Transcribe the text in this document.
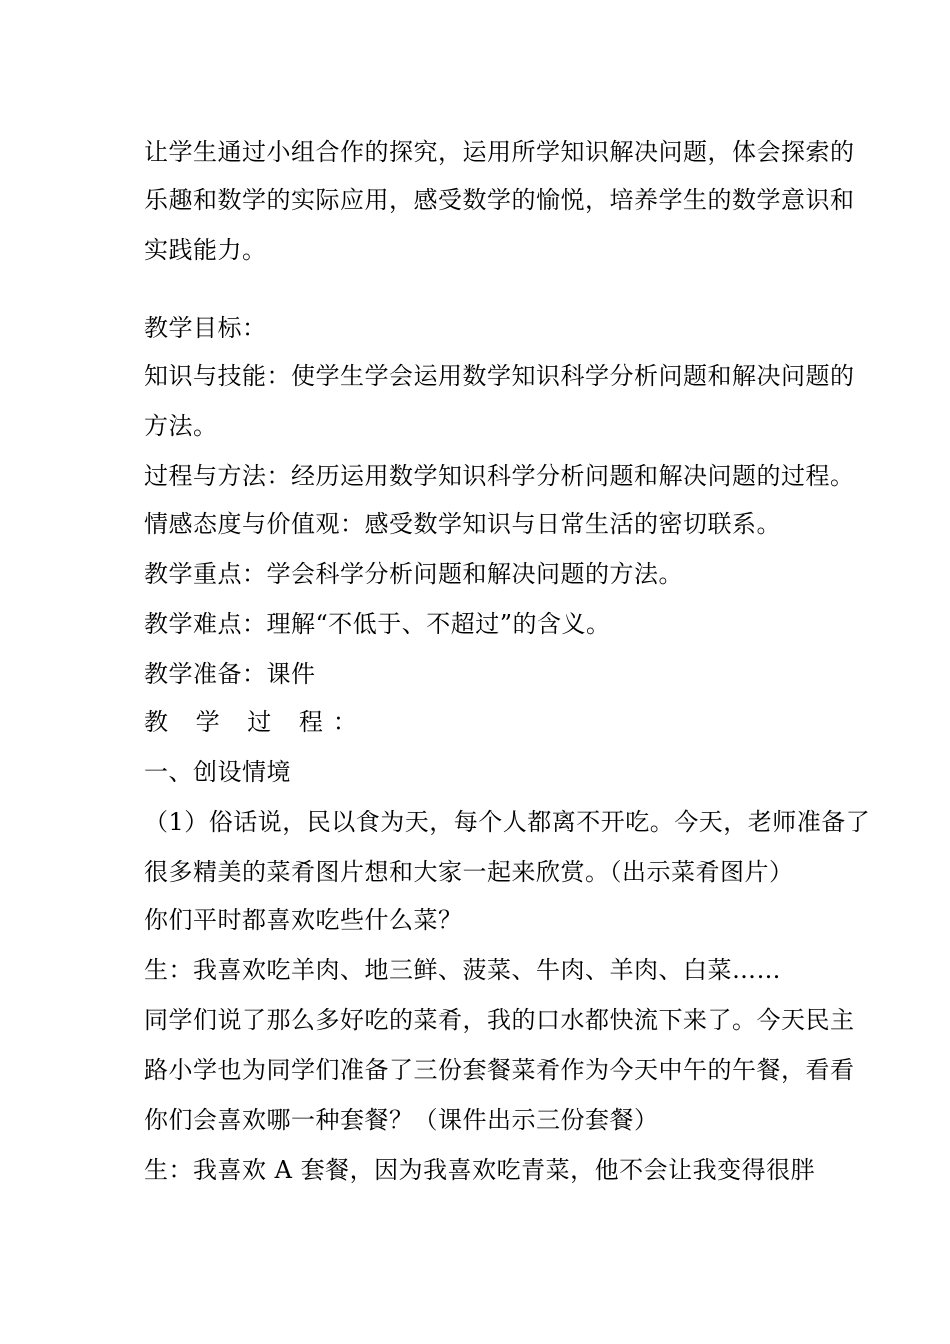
让学生通过小组合作的探究，运用所学知识解决问题，体会探索的
乐趣和数学的实际应用，感受数学的愉悦，培养学生的数学意识和
实践能力。
教学目标：
知识与技能：使学生学会运用数学知识科学分析问题和解决问题的
方法。
过程与方法：经历运用数学知识科学分析问题和解决问题的过程。
情感态度与价值观：感受数学知识与日常生活的密切联系。
教学重点：学会科学分析问题和解决问题的方法。
教学难点：理解“不低于、不超过”的含义。
教学准备：课件
教 学 过 程：
一、创设情境
（1）俗话说，民以食为天，每个人都离不开吃。今天，老师准备了
很多精美的菜肴图片想和大家一起来欣赏。（出示菜肴图片）
你们平时都喜欢吃些什么菜？
生：我喜欢吃羊肉、地三鲜、菠菜、牛肉、羊肉、白菜……
同学们说了那么多好吃的菜肴，我的口水都快流下来了。今天民主
路小学也为同学们准备了三份套餐菜肴作为今天中午的午餐，看看
你们会喜欢哪一种套餐？（课件出示三份套餐）
生：我喜欢 A 套餐，因为我喜欢吃青菜，他不会让我变得很胖
